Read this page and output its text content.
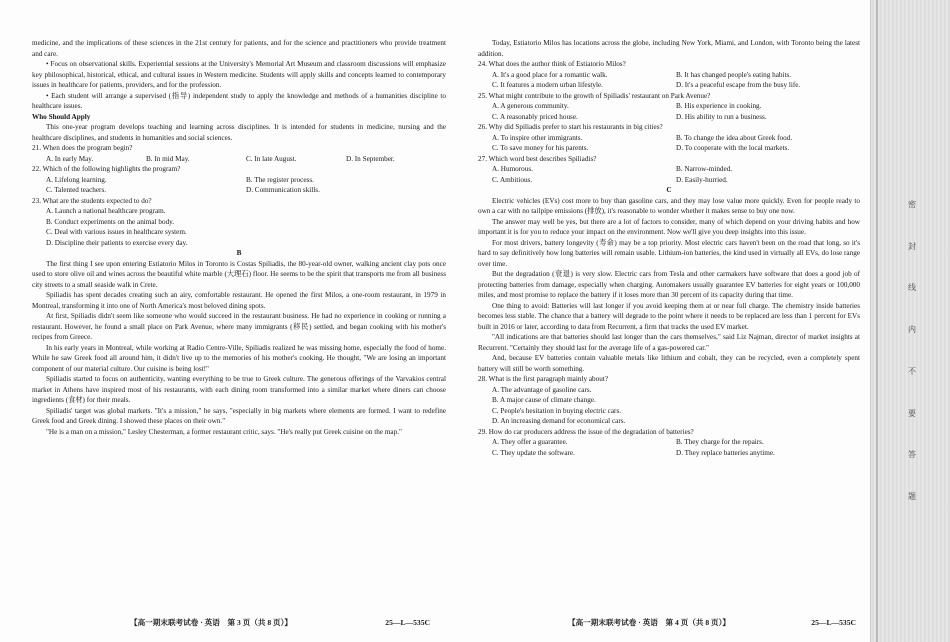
medicine, and the implications of these sciences in the 21st century for patients, and for the science and practitioners who provide treatment and care.

• Focus on observational skills. Experiential sessions at the University's Memorial Art Museum and classroom discussions will emphasize key philosophical, historical, ethical, and cultural issues in Western medicine. Students will apply skills and concepts learned to contemporary issues in healthcare for patients, providers, and for the profession.

• Each student will arrange a supervised (指导) independent study to apply the knowledge and methods of a humanities discipline to healthcare issues.

Who Should Apply

This one-year program develops teaching and learning across disciplines. It is intended for students in medicine, nursing and the healthcare disciplines, and students in humanities and social sciences.

21. When does the program begin?
A. In early May.	B. In mid May.	C. In late August.	D. In September.
22. Which of the following highlights the program?
A. Lifelong learning.	B. The register process.
C. Talented teachers.	D. Communication skills.
23. What are the students expected to do?
A. Launch a national healthcare program.
B. Conduct experiments on the animal body.
C. Deal with various issues in healthcare system.
D. Discipline their patients to exercise every day.
B

The first thing I see upon entering Estiatorio Milos in Toronto is Costas Spiliadis, the 80-year-old owner, walking ancient clay pots once used to store olive oil and wines across the beautiful white marble (大理石) floor. He seems to be the spirit that transports me from all business city streets to a small seaside walk in Crete.

Spiliadis has spent decades creating such an airy, comfortable restaurant. He opened the first Milos, a one-room restaurant, in 1979 in Montreal, transforming it into one of North America's most beloved dining spots.

At first, Spiliadis didn't seem like someone who would succeed in the restaurant business. He had no experience in cooking or running a restaurant. However, he found a small place on Park Avenue, where many immigrants (移民) settled, and began cooking with his mother's recipes from Greece.

In his early years in Montreal, while working at Radio Centre-Ville, Spiliadis realized he was missing home, especially the food of home. While he saw Greek food all around him, it didn't live up to the memories of his mother's cooking. He thought, "We are losing an important component of our material culture. Our cuisine is being lost!"

Spiliadis started to focus on authenticity, wanting everything to be true to Greek culture. The generous offerings of the Varvakios central market in Athens have inspired most of his restaurants, with each dining room transformed into a similar market where diners can choose ingredients (食材) for their meals.

Spiliadis' target was global markets. "It's a mission," he says, "especially in big markets where elements are formed. I want to redefine Greek food and Greek dining. I showed these places on their own."

"He is a man on a mission," Lesley Chesterman, a former restaurant critic, says. "He's really put Greek cuisine on the map."

【高一期末联考试卷 · 英语　第 3 页（共 8 页）】	25—L—535C

Today, Estiatorio Milos has locations across the globe, including New York, Miami, and London, with Toronto being the latest addition.

24. What does the author think of Estiatorio Milos?
A. It's a good place for a romantic walk.	B. It has changed people's eating habits.
C. It features a modern urban lifestyle.	D. It's a peaceful escape from the busy life.
25. What might contribute to the growth of Spiliadis' restaurant on Park Avenue?
A. A generous community.	B. His experience in cooking.
C. A reasonably priced house.	D. His ability to run a business.
26. Why did Spiliadis prefer to start his restaurants in big cities?
A. To inspire other immigrants.	B. To change the idea about Greek food.
C. To save money for his parents.	D. To cooperate with the local markets.
27. Which word best describes Spiliadis?
A. Humorous.	B. Narrow-minded.
C. Ambitious.	D. Easily-hurried.
C

Electric vehicles (EVs) cost more to buy than gasoline cars, and they may lose value more quickly. Even for people ready to own a car with no tailpipe emissions (排放), it's reasonable to wonder whether it makes sense to buy one now.

The answer may well be yes, but there are a lot of factors to consider, many of which depend on your driving habits and how important it is for you to reduce your impact on the environment. Now we'll give you deep insights into this issue.

For most drivers, battery longevity (寿命) may be a top priority. Most electric cars haven't been on the road that long, so it's hard to say definitively how long batteries will remain usable. Lithium-ion batteries, the kind used in virtually all EVs, do lose range over time.

But the degradation (衰退) is very slow. Electric cars from Tesla and other carmakers have software that does a good job of protecting batteries from damage, especially when charging. Automakers usually guarantee EV batteries for eight years or 100,000 miles, and most promise to replace the battery if it loses more than 30 percent of its capacity during that time.

One thing to avoid: Batteries will last longer if you avoid keeping them at or near full charge. The chemistry inside batteries becomes less stable. The chance that a battery will degrade to the point where it needs to be replaced are less than 1 percent for EVs built in 2016 or later, according to data from Recurrent, a firm that tracks the used EV market.

"All indications are that batteries should last longer than the cars themselves," said Liz Najman, director of market insights at Recurrent. "Certainly they should last for the average life of a gas-powered car."

And, because EV batteries contain valuable metals like lithium and cobalt, they can be recycled, even a completely spent battery will still be worth something.

28. What is the first paragraph mainly about?
A. The advantage of gasoline cars.
B. A major cause of climate change.
C. People's hesitation in buying electric cars.
D. An increasing demand for economical cars.
29. How do car producers address the issue of the degradation of batteries?
A. They offer a guarantee.	B. They charge for the repairs.
C. They update the software.	D. They replace batteries anytime.
【高一期末联考试卷 · 英语　第 4 页（共 8 页）】	25—L—535C
密
封
线
内
不
要
答
题
